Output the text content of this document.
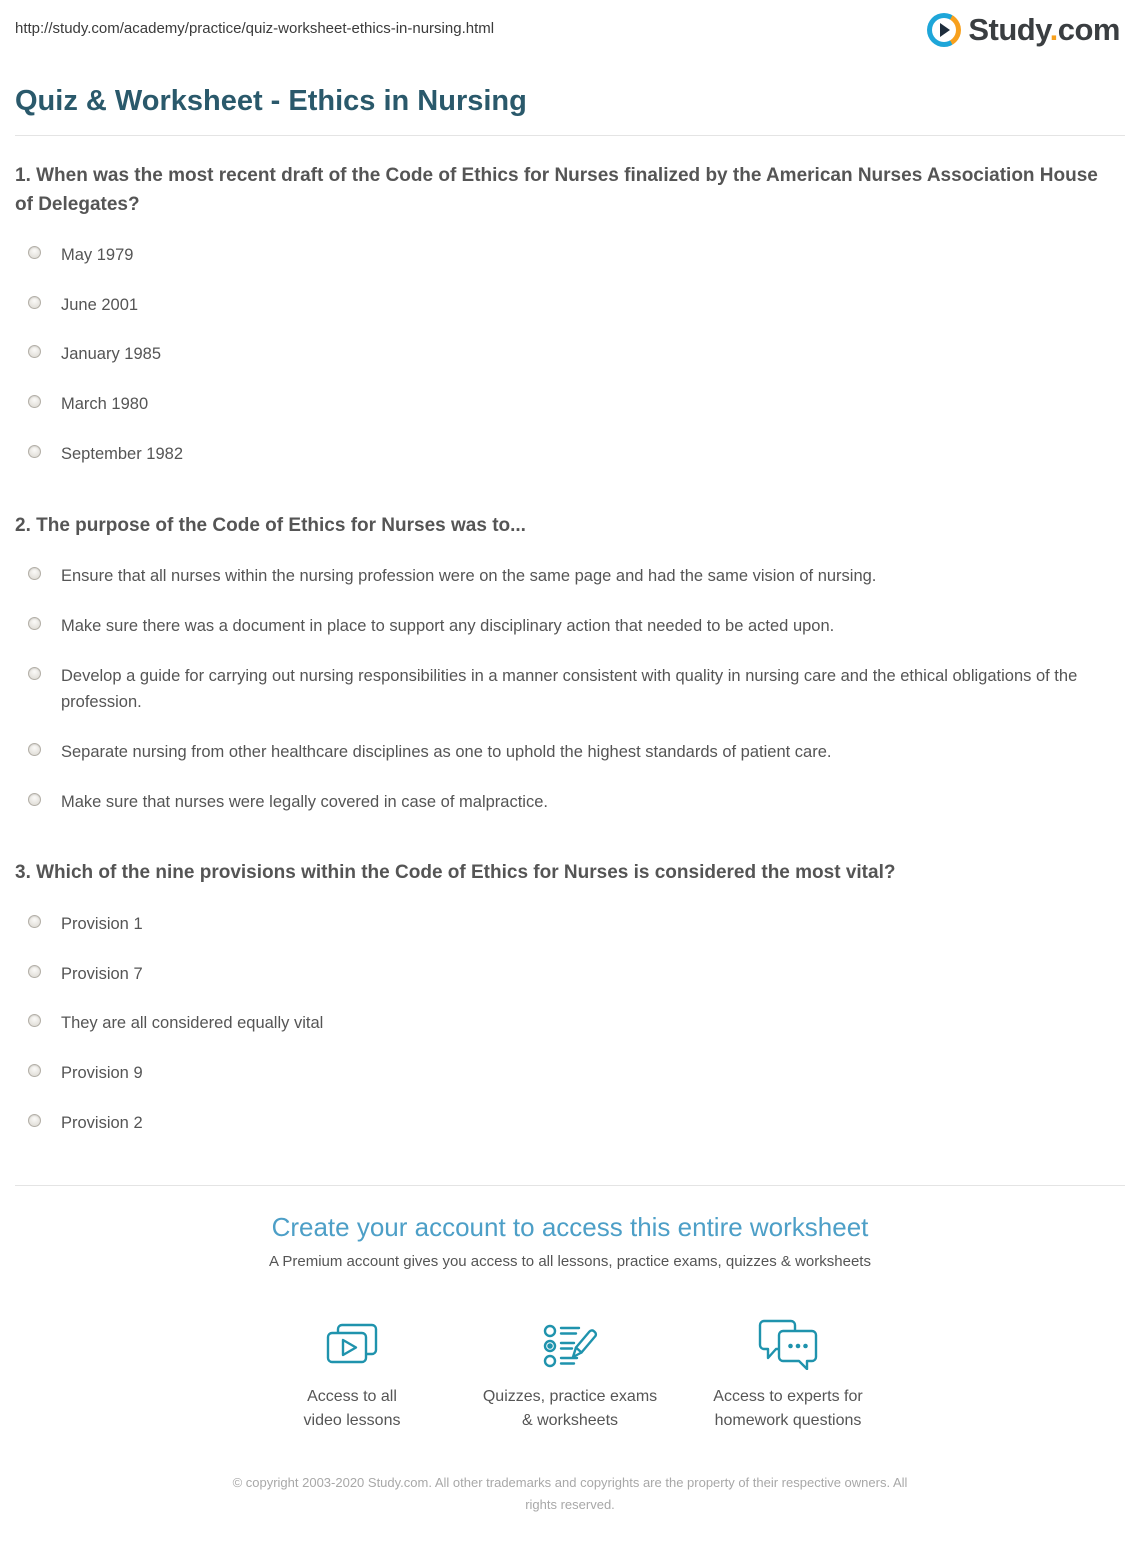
http://study.com/academy/practice/quiz-worksheet-ethics-in-nursing.html	Study.com
Quiz & Worksheet - Ethics in Nursing
1. When was the most recent draft of the Code of Ethics for Nurses finalized by the American Nurses Association House of Delegates?
May 1979
June 2001
January 1985
March 1980
September 1982
2. The purpose of the Code of Ethics for Nurses was to...
Ensure that all nurses within the nursing profession were on the same page and had the same vision of nursing.
Make sure there was a document in place to support any disciplinary action that needed to be acted upon.
Develop a guide for carrying out nursing responsibilities in a manner consistent with quality in nursing care and the ethical obligations of the profession.
Separate nursing from other healthcare disciplines as one to uphold the highest standards of patient care.
Make sure that nurses were legally covered in case of malpractice.
3. Which of the nine provisions within the Code of Ethics for Nurses is considered the most vital?
Provision 1
Provision 7
They are all considered equally vital
Provision 9
Provision 2
Create your account to access this entire worksheet

A Premium account gives you access to all lessons, practice exams, quizzes & worksheets

Access to all
video lessons
Quizzes, practice exams
& worksheets
Access to experts for
homework questions

© copyright 2003-2020 Study.com. All other trademarks and copyrights are the property of their respective owners. All rights reserved.
